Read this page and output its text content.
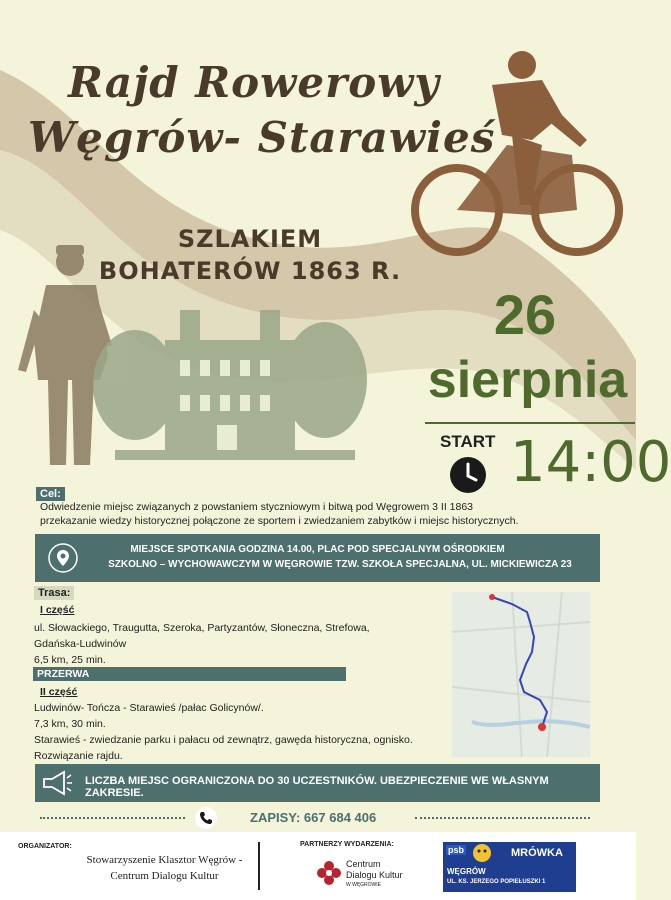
Rajd Rowerowy
Węgrów- Starawieś
SZLAKIEM
BOHATERÓW 1863 R.
26
sierpnia
START 14:00
Cel:
Odwiedzenie miejsc związanych z powstaniem styczniowym i bitwą pod Węgrowem 3 II 1863
przekazanie wiedzy historycznej połączone ze sportem i zwiedzaniem zabytków i miejsc historycznych.
MIEJSCE SPOTKANIA GODZINA 14.00, PLAC POD SPECJALNYM OŚRODKIEM
SZKOLNO – WYCHOWAWCZYM W WĘGROWIE TZW. SZKOŁA SPECJALNA, UL. MICKIEWICZA 23
Trasa:
I część
ul. Słowackiego, Traugutta, Szeroka, Partyzantów, Słoneczna, Strefowa,
Gdańska-Ludwinów
6,5 km, 25 min.
PRZERWA
II część
Ludwinów- Tończa - Starawieś /pałac Golicynów/.
7,3 km, 30 min.
Starawieś - zwiedzanie parku i pałacu od zewnątrz, gawęda historyczna, ognisko.
Rozwiązanie rajdu.
LICZBA MIEJSC OGRANICZONA DO 30 UCZESTNIKÓW. UBEZPIECZENIE WE WŁASNYM ZAKRESIE.
ZAPISY: 667 684 406
ORGANIZATOR:
Stowarzyszenie Klasztor Węgrów -
Centrum Dialogu Kultur
PARTNERZY WYDARZENIA:
Centrum
Dialogu Kultur
W WĘGROWIE
psb	MRÓWKA
WĘGRÓW
UL. KS. JERZEGO POPIEŁUSZKI 1
